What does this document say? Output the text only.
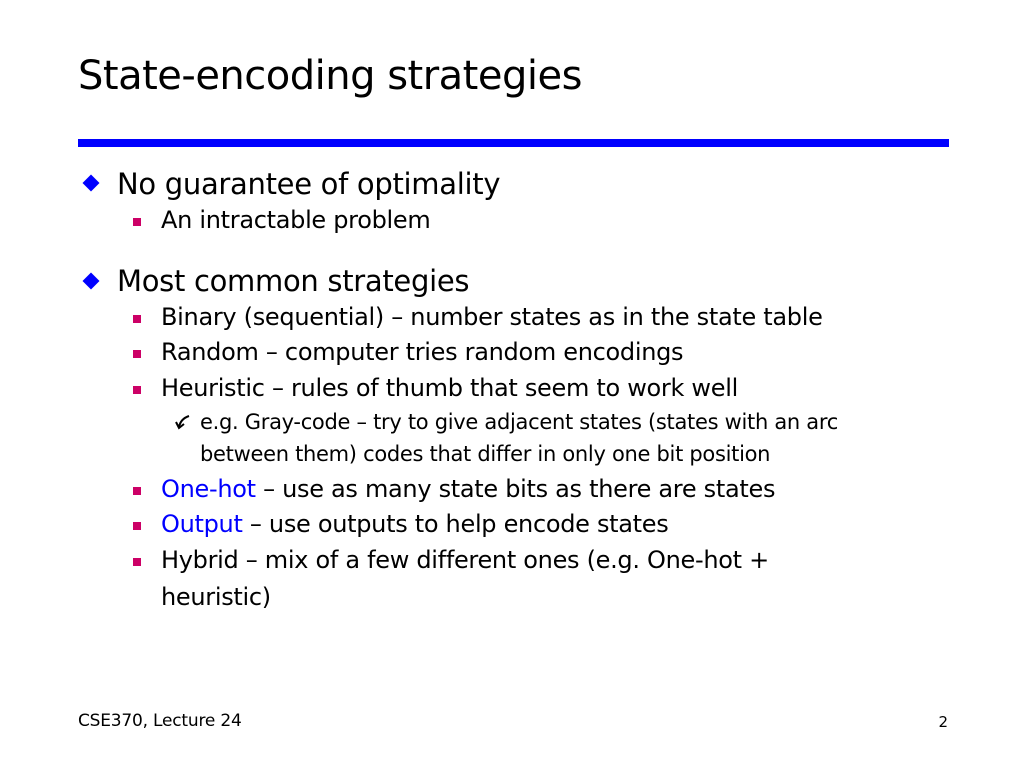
State-encoding strategies
No guarantee of optimality
An intractable problem
Most common strategies
Binary (sequential) – number states as in the state table
Random – computer tries random encodings
Heuristic – rules of thumb that seem to work well
e.g. Gray-code – try to give adjacent states (states with an arc
between them) codes that differ in only one bit position
One-hot – use as many state bits as there are states
Output – use outputs to help encode states
Hybrid – mix of a few different ones (e.g. One-hot +
heuristic)
CSE370, Lecture 24	2
